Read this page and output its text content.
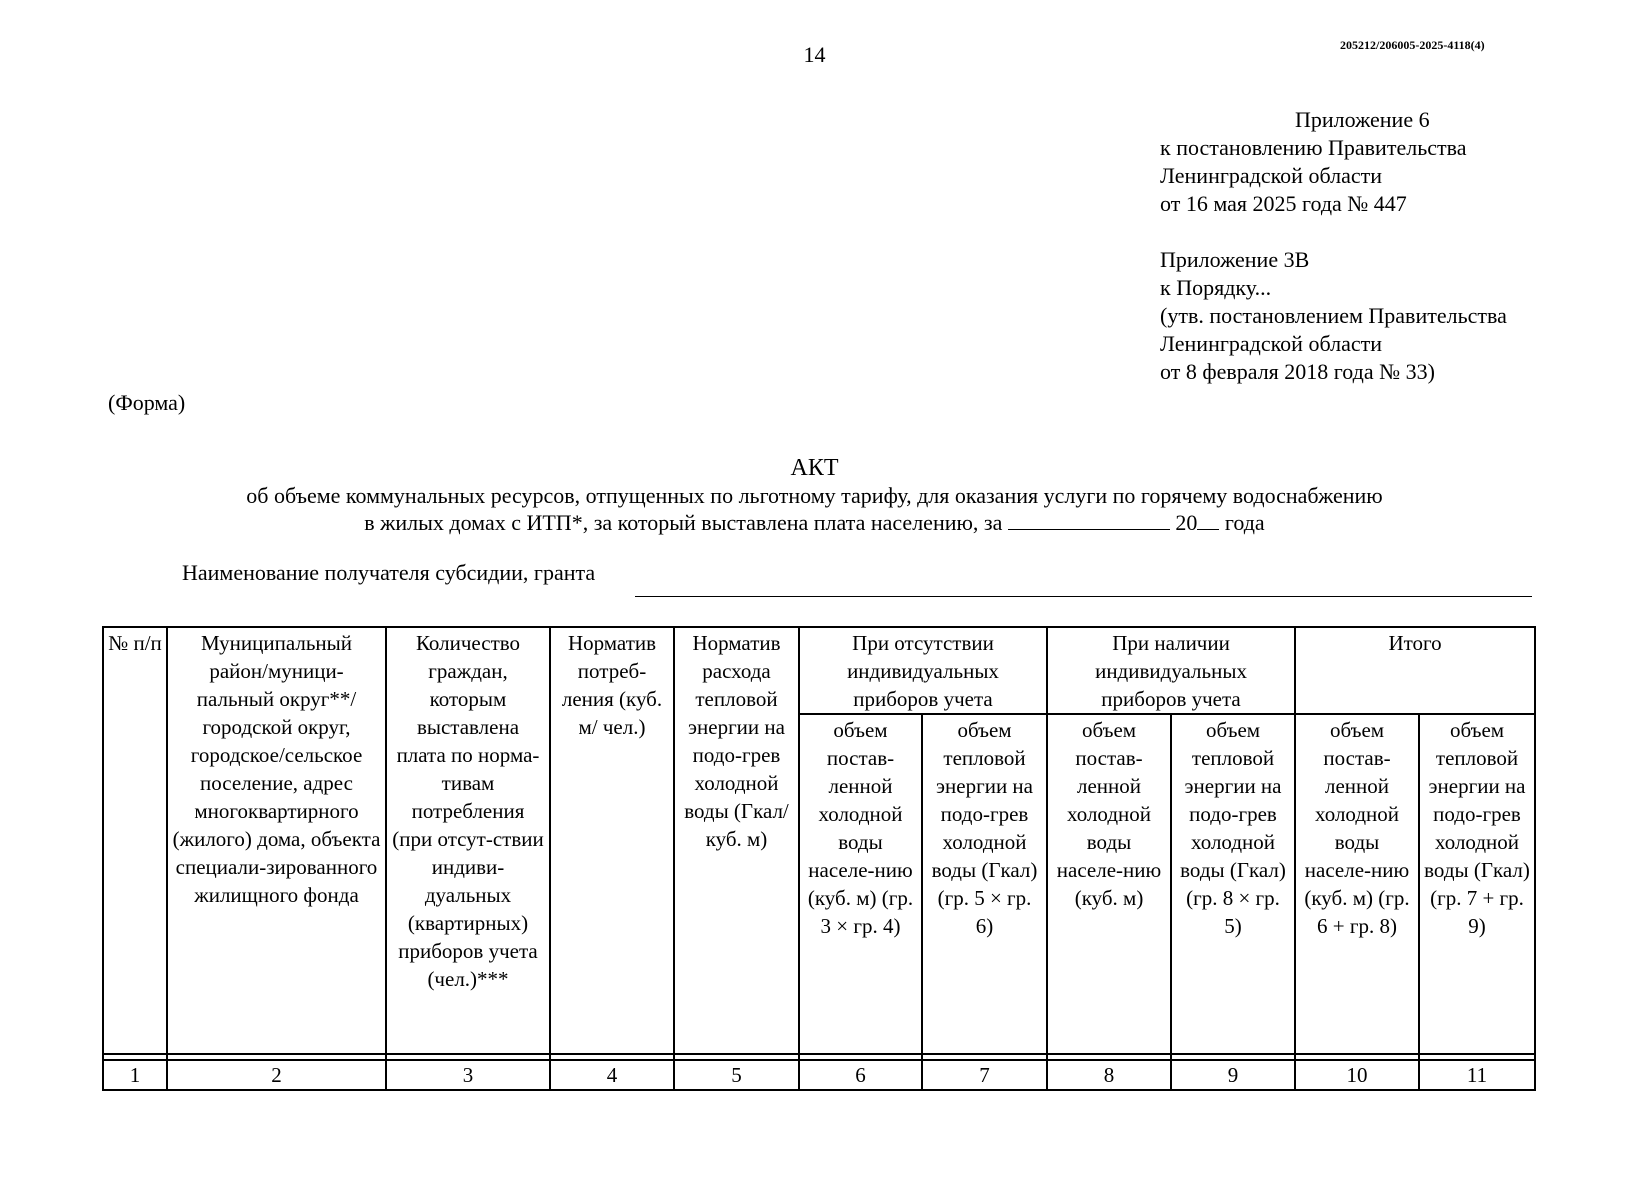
14	205212/206005-2025-4118(4)
Приложение 6
к постановлению Правительства
Ленинградской области
от 16 мая 2025 года № 447
Приложение 3В
к Порядку...
(утв. постановлением Правительства
Ленинградской области
от 8 февраля 2018 года № 33)
(Форма)
АКТ
об объеме коммунальных ресурсов, отпущенных по льготному тарифу, для оказания услуги по горячему водоснабжению
в жилых домах с ИТП*, за который выставлена плата населению, за	20 года
Наименование получателя субсидии, гранта
№ п/п	Муниципальный район/муници-пальный округ**/ городской округ, городское/сельское поселение, адрес многоквартирного (жилого) дома, объекта специали-зированного жилищного фонда	Количество граждан, которым выставлена плата по норма-тивам потребления (при отсут-ствии индиви-дуальных (квартирных) приборов учета (чел.)***	Норматив потреб-ления (куб. м/ чел.)	Норматив расхода тепловой энергии на подо-грев холодной воды (Гкал/ куб. м)	При отсутствии индивидуальных приборов учета		При наличии индивидуальных приборов учета		Итого	
					объем постав-ленной холодной воды населе-нию (куб. м) (гр. 3 × гр. 4)	объем тепловой энергии на подо-грев холодной воды (Гкал) (гр. 5 × гр. 6)	объем постав-ленной холодной воды населе-нию (куб. м)	объем тепловой энергии на подо-грев холодной воды (Гкал) (гр. 8 × гр. 5)	объем постав-ленной холодной воды населе-нию (куб. м) (гр. 6 + гр. 8)	объем тепловой энергии на подо-грев холодной воды (Гкал) (гр. 7 + гр. 9)

1	2	3	4	5	6	7	8	9	10	11
